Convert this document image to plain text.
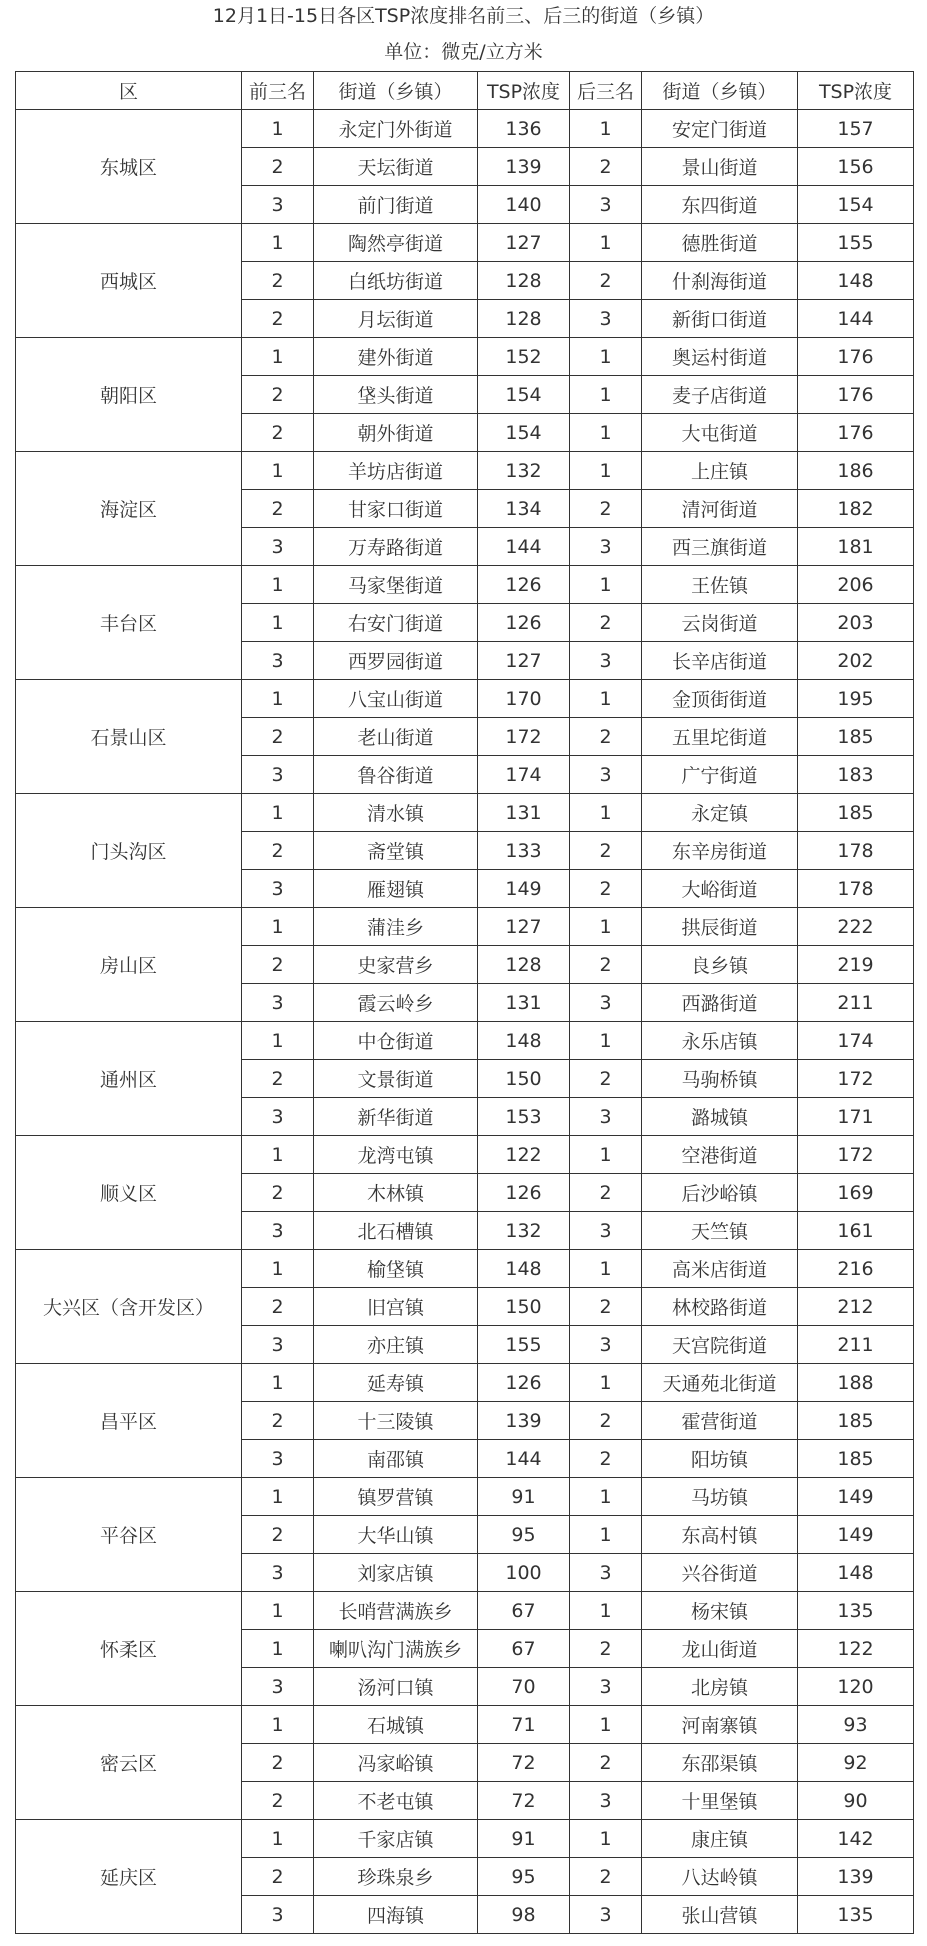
12月1日-15日各区TSP浓度排名前三、后三的街道（乡镇）
单位：微克/立方米
区	前三名	街道（乡镇）	TSP浓度	后三名	街道（乡镇）	TSP浓度
东城区	1	永定门外街道	136	1	安定门街道	157
	2	天坛街道	139	2	景山街道	156
	3	前门街道	140	3	东四街道	154
西城区	1	陶然亭街道	127	1	德胜街道	155
	2	白纸坊街道	128	2	什刹海街道	148
	2	月坛街道	128	3	新街口街道	144
朝阳区	1	建外街道	152	1	奥运村街道	176
	2	垡头街道	154	1	麦子店街道	176
	2	朝外街道	154	1	大屯街道	176
海淀区	1	羊坊店街道	132	1	上庄镇	186
	2	甘家口街道	134	2	清河街道	182
	3	万寿路街道	144	3	西三旗街道	181
丰台区	1	马家堡街道	126	1	王佐镇	206
	1	右安门街道	126	2	云岗街道	203
	3	西罗园街道	127	3	长辛店街道	202
石景山区	1	八宝山街道	170	1	金顶街街道	195
	2	老山街道	172	2	五里坨街道	185
	3	鲁谷街道	174	3	广宁街道	183
门头沟区	1	清水镇	131	1	永定镇	185
	2	斋堂镇	133	2	东辛房街道	178
	3	雁翅镇	149	2	大峪街道	178
房山区	1	蒲洼乡	127	1	拱辰街道	222
	2	史家营乡	128	2	良乡镇	219
	3	霞云岭乡	131	3	西潞街道	211
通州区	1	中仓街道	148	1	永乐店镇	174
	2	文景街道	150	2	马驹桥镇	172
	3	新华街道	153	3	潞城镇	171
顺义区	1	龙湾屯镇	122	1	空港街道	172
	2	木林镇	126	2	后沙峪镇	169
	3	北石槽镇	132	3	天竺镇	161
大兴区（含开发区）	1	榆垡镇	148	1	高米店街道	216
	2	旧宫镇	150	2	林校路街道	212
	3	亦庄镇	155	3	天宫院街道	211
昌平区	1	延寿镇	126	1	天通苑北街道	188
	2	十三陵镇	139	2	霍营街道	185
	3	南邵镇	144	2	阳坊镇	185
平谷区	1	镇罗营镇	91	1	马坊镇	149
	2	大华山镇	95	1	东高村镇	149
	3	刘家店镇	100	3	兴谷街道	148
怀柔区	1	长哨营满族乡	67	1	杨宋镇	135
	1	喇叭沟门满族乡	67	2	龙山街道	122
	3	汤河口镇	70	3	北房镇	120
密云区	1	石城镇	71	1	河南寨镇	93
	2	冯家峪镇	72	2	东邵渠镇	92
	2	不老屯镇	72	3	十里堡镇	90
延庆区	1	千家店镇	91	1	康庄镇	142
	2	珍珠泉乡	95	2	八达岭镇	139
	3	四海镇	98	3	张山营镇	135
